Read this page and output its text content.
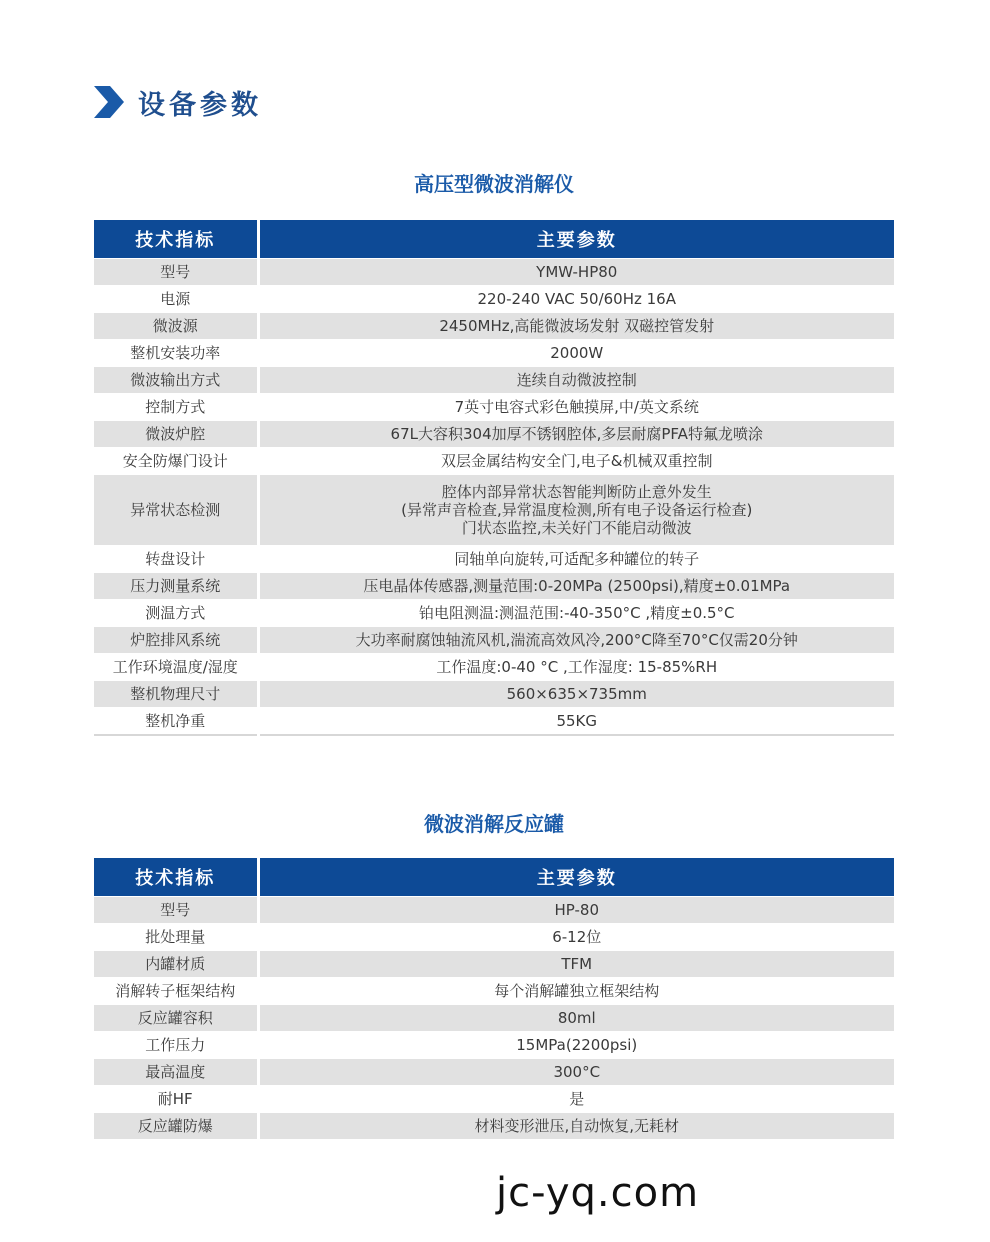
设备参数
高压型微波消解仪
技术指标	主要参数
型号	YMW-HP80
电源	220-240 VAC 50/60Hz 16A
微波源	2450MHz,高能微波场发射 双磁控管发射
整机安装功率	2000W
微波输出方式	连续自动微波控制
控制方式	7英寸电容式彩色触摸屏,中/英文系统
微波炉腔	67L大容积304加厚不锈钢腔体,多层耐腐PFA特氟龙喷涂
安全防爆门设计	双层金属结构安全门,电子&机械双重控制
异常状态检测	腔体内部异常状态智能判断防止意外发生
(异常声音检查,异常温度检测,所有电子设备运行检查)
门状态监控,未关好门不能启动微波
转盘设计	同轴单向旋转,可适配多种罐位的转子
压力测量系统	压电晶体传感器,测量范围:0-20MPa (2500psi),精度±0.01MPa
测温方式	铂电阻测温:测温范围:-40-350°C ,精度±0.5°C
炉腔排风系统	大功率耐腐蚀轴流风机,湍流高效风冷,200°C降至70°C仅需20分钟
工作环境温度/湿度	工作温度:0-40 °C ,工作湿度: 15-85%RH
整机物理尺寸	560×635×735mm
整机净重	55KG
微波消解反应罐
技术指标	主要参数
型号	HP-80
批处理量	6-12位
内罐材质	TFM
消解转子框架结构	每个消解罐独立框架结构
反应罐容积	80ml
工作压力	15MPa(2200psi)
最高温度	300°C
耐HF	是
反应罐防爆	材料变形泄压,自动恢复,无耗材
jc-yq.com
